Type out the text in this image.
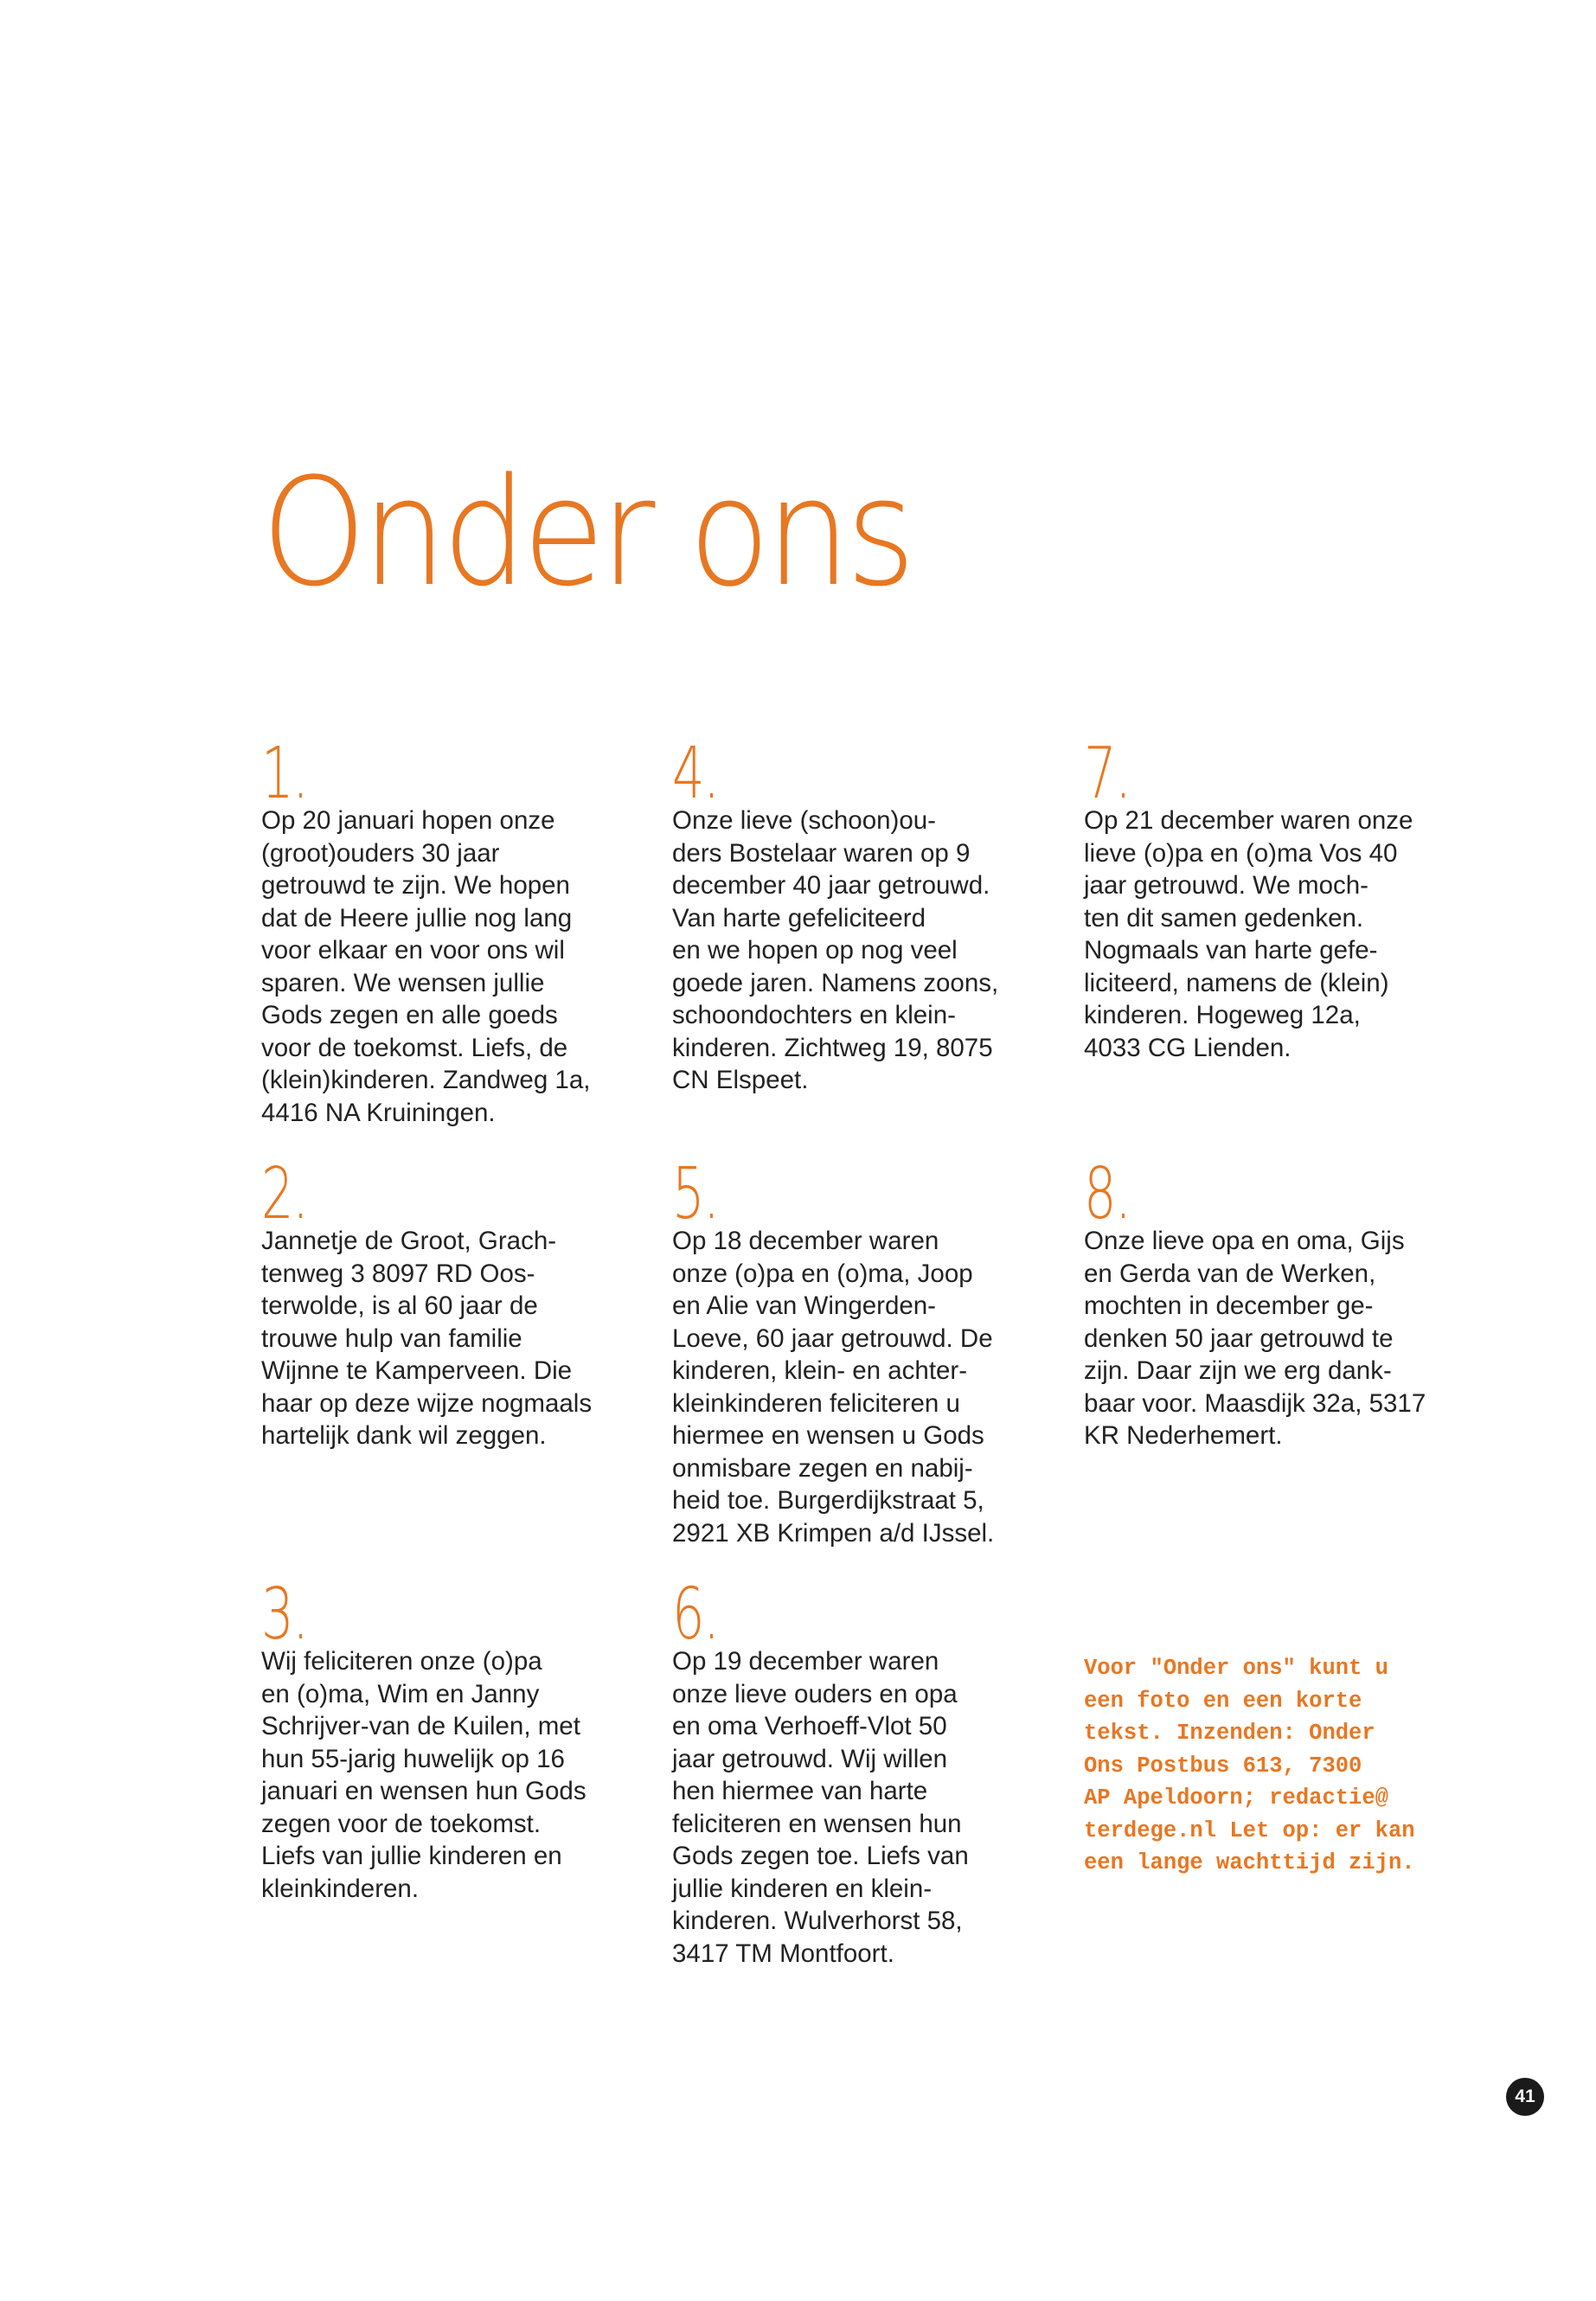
Onder ons
1.

Op 20 januari hopen onze
(groot)ouders 30 jaar
getrouwd te zijn. We hopen
dat de Heere jullie nog lang
voor elkaar en voor ons wil
sparen. We wensen jullie
Gods zegen en alle goeds
voor de toekomst. Liefs, de
(klein)kinderen. Zandweg 1a,
4416 NA Kruiningen.

2.

Jannetje de Groot, Grach-
tenweg 3 8097 RD Oos-
terwolde, is al 60 jaar de
trouwe hulp van familie
Wijnne te Kamperveen. Die
haar op deze wijze nogmaals
hartelijk dank wil zeggen.

3.

Wij feliciteren onze (o)pa
en (o)ma, Wim en Janny
Schrijver-van de Kuilen, met
hun 55-jarig huwelijk op 16
januari en wensen hun Gods
zegen voor de toekomst.
Liefs van jullie kinderen en
kleinkinderen.

4.

Onze lieve (schoon)ou-
ders Bostelaar waren op 9
december 40 jaar getrouwd.
Van harte gefeliciteerd
en we hopen op nog veel
goede jaren. Namens zoons,
schoondochters en klein-
kinderen. Zichtweg 19, 8075
CN Elspeet.

5.

Op 18 december waren
onze (o)pa en (o)ma, Joop
en Alie van Wingerden-
Loeve, 60 jaar getrouwd. De
kinderen, klein- en achter-
kleinkinderen feliciteren u
hiermee en wensen u Gods
onmisbare zegen en nabij-
heid toe. Burgerdijkstraat 5,
2921 XB Krimpen a/d IJssel.

6.

Op 19 december waren
onze lieve ouders en opa
en oma Verhoeff-Vlot 50
jaar getrouwd. Wij willen
hen hiermee van harte
feliciteren en wensen hun
Gods zegen toe. Liefs van
jullie kinderen en klein-
kinderen. Wulverhorst 58,
3417 TM Montfoort.

7.

Op 21 december waren onze
lieve (o)pa en (o)ma Vos 40
jaar getrouwd. We moch-
ten dit samen gedenken.
Nogmaals van harte gefe-
liciteerd, namens de (klein)
kinderen. Hogeweg 12a,
4033 CG Lienden.

8.

Onze lieve opa en oma, Gijs
en Gerda van de Werken,
mochten in december ge-
denken 50 jaar getrouwd te
zijn. Daar zijn we erg dank-
baar voor. Maasdijk 32a, 5317
KR Nederhemert.

Voor "Onder ons" kunt u
een foto en een korte
tekst. Inzenden: Onder
Ons Postbus 613, 7300
AP Apeldoorn; redactie@
terdege.nl Let op: er kan
een lange wachttijd zijn.

41
